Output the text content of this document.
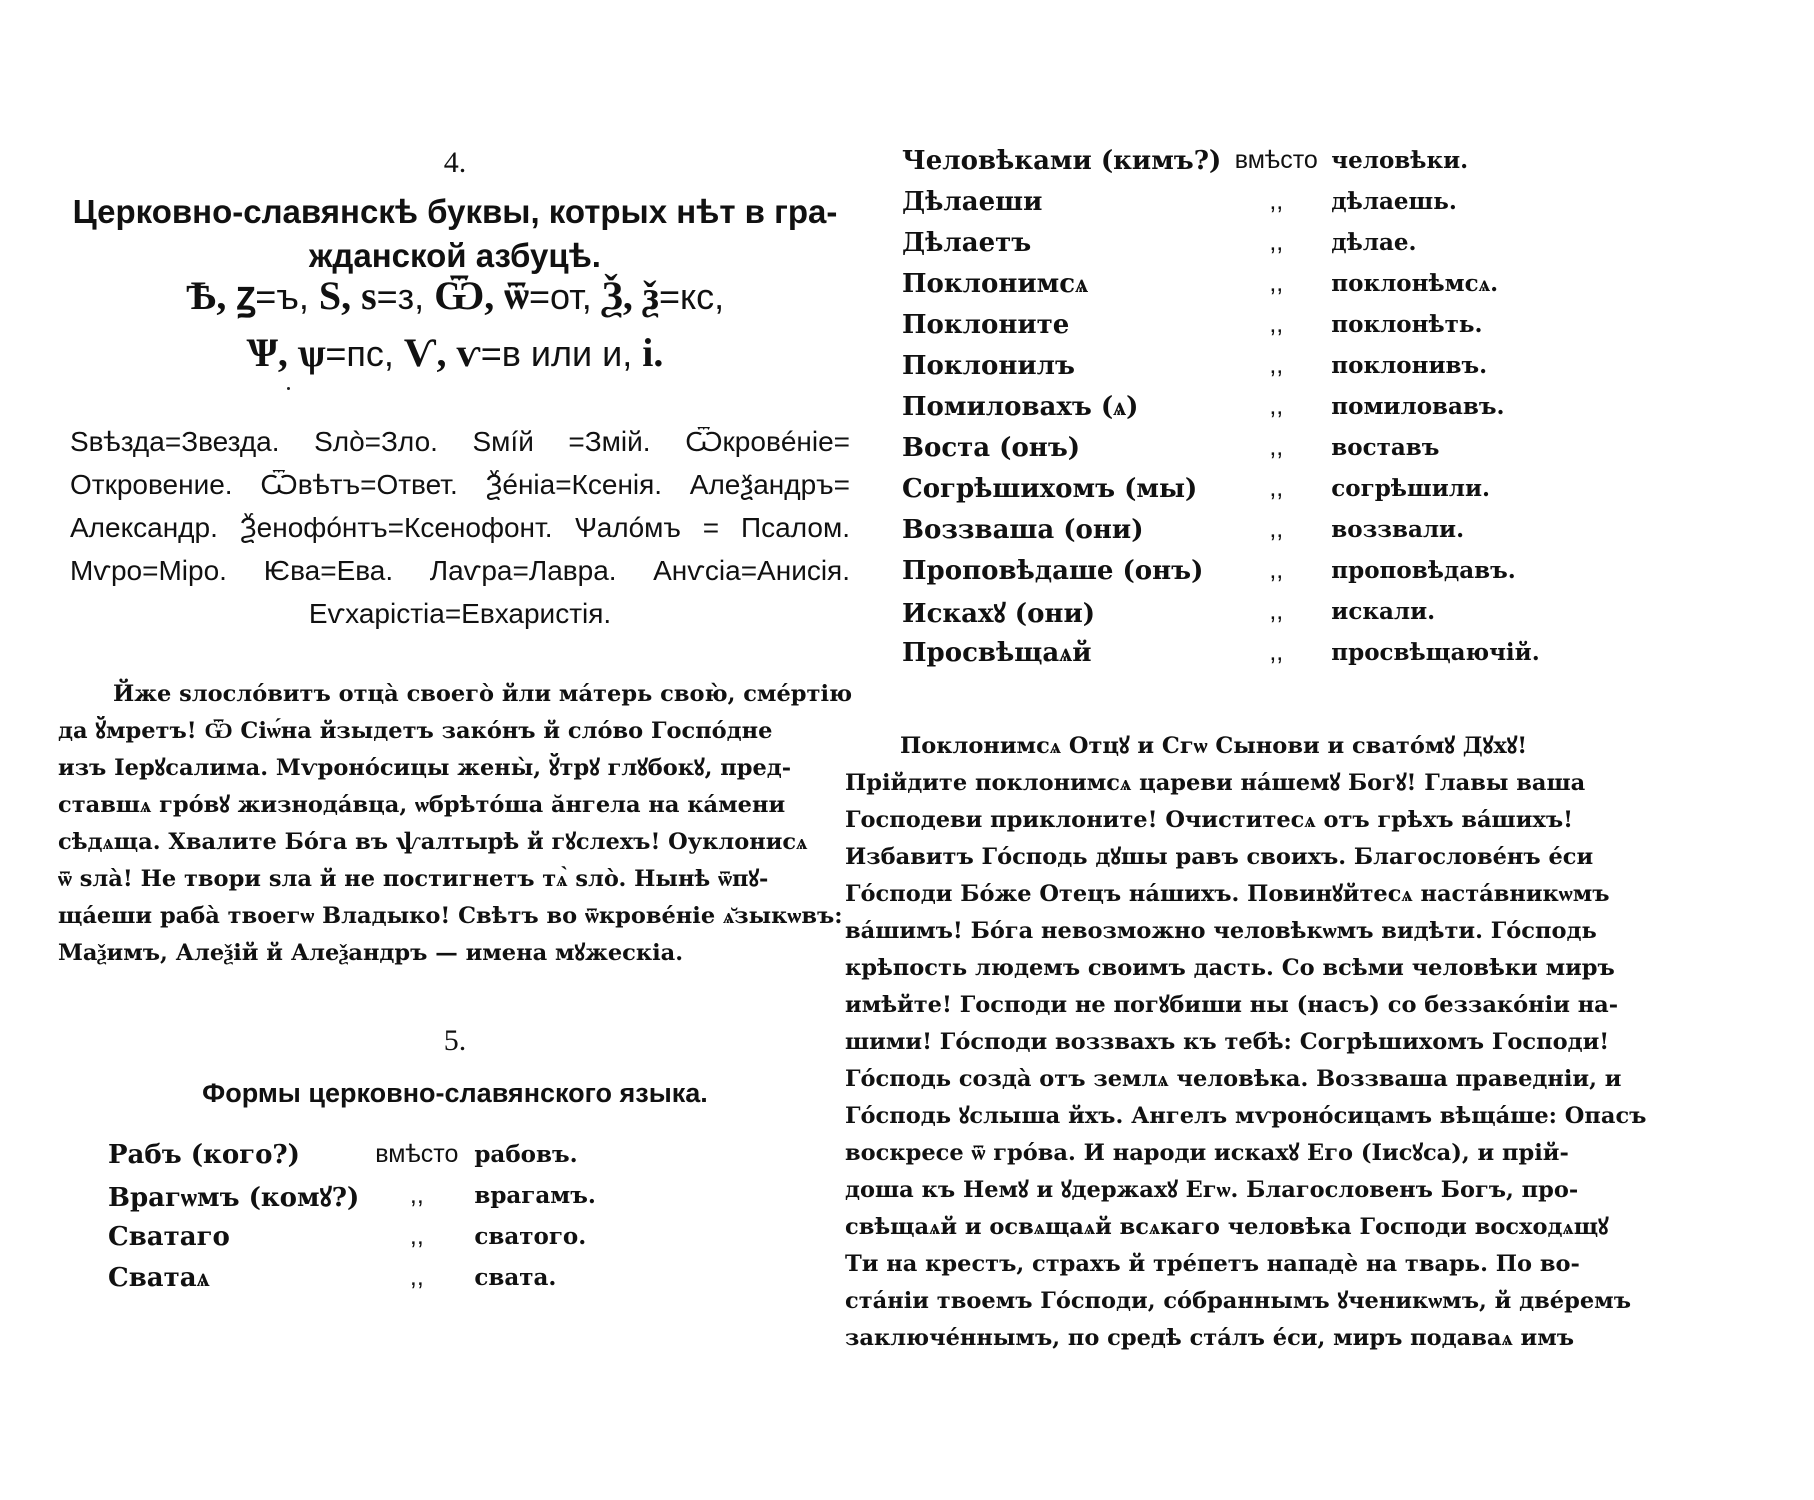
4.
Церковно-славянскѣ буквы, котрых нѣт в гра-
жданской азбуцѣ.
Ѣ, ꙁ=ъ, Ѕ, ѕ=з, Ѿ, ѿ=от, Ѯ, ѯ=кс,
Ѱ, ѱ=пс, Ѵ, ѵ=в или и, і.
Ѕвѣзда=Звезда. Ѕлò=Зло. Ѕмíй =Змій. Ѿкровéніе=
Откровение. Ѿвѣтъ=Ответ. Ѯéніа=Ксенія. Алеѯандръ=
Александр. Ѯенофóнтъ=Ксенофонт. Ѱалóмъ = Псалом.
Мѵро=Міро. Ѥва=Ева. Лаѵра=Лавра. Анѵсіа=Анисія.
Еѵхарістіа=Евхаристія.
Йже ѕлослóвитъ отцà своегò йли мáтерь свою̀, смéртію
да ꙋ̆мретъ! Ѿ Сіѡ́на йзыдетъ закóнъ й слóво Гоcпóдне
изъ Іерꙋсалима. Мѵронóсицы жены̀, ꙋ̆трꙋ глꙋбокꙋ, пред-
ставшѧ грóвꙋ жизнодáвца, ѡбрѣтóша ӑнгела на кáмени
сѣдѧща. Хвалите Бóга въ ѱалтырѣ й гꙋслехъ! Оуклонисѧ
ѿ ѕлà! Не твори ѕла й не постигнетъ тѧ̀ ѕлò. Нынѣ ѿпꙋ-
щáеши рабà твоегѡ Владыко! Свѣтъ во ѿкровéніе ѧ̆зыкѡвъ:
Маѯимъ, Алеѯій й Алеѯандръ — имена мꙋжескіа.
5.
Формы церковно-славянского языка.
Рабъ (кого?)	вмѣсто	рабовъ.
Врагѡмъ (комꙋ?)	,,	врагамъ.
Сватаго	,,	сватого.
Сватаѧ	,,	свата.
Человѣками (кимъ?)	вмѣсто	человѣки.
Дѣлаеши	,,	дѣлаешь.
Дѣлаетъ	,,	дѣлае.
Поклонимсѧ	,,	поклонѣмсѧ.
Поклоните	,,	поклонѣть.
Поклонилъ	,,	поклонивъ.
Помиловахъ (ѧ)	,,	помиловавъ.
Воста (онъ)	,,	воставъ
Согрѣшихомъ (мы)	,,	согрѣшили.
Воззваша (они)	,,	воззвали.
Проповѣдаше (онъ)	,,	проповѣдавъ.
Искахꙋ (они)	,,	искали.
Просвѣщаѧй	,,	просвѣщаючій.
Поклонимсѧ Отцꙋ и Сгѡ Сынови и сватóмꙋ Дꙋхꙋ!
Прійдите поклонимсѧ цареви нáшемꙋ Богꙋ! Главы ваша
Господеви приклоните! Очиститесѧ отъ грѣхъ вáшихъ!
Избавитъ Гóсподь дꙋшы равъ своихъ. Благословéнъ éси
Гóсподи Бóже Отецъ нáшихъ. Повинꙋйтесѧ настáвникѡмъ
вáшимъ! Бóга невозможно человѣкѡмъ видѣти. Гóсподь
крѣпость людемъ своимъ дасть. Со всѣми человѣки миръ
имѣйте! Господи не погꙋбиши ны (насъ) со беззакóніи на-
шими! Гóсподи воззвахъ къ тебѣ: Согрѣшихомъ Господи!
Гóсподь создà отъ землѧ человѣка. Воззваша праведніи, и
Гóсподь ꙋслыша йхъ. Ангелъ мѵронóсицамъ вѣщáше: Опасъ
воскресе ѿ грóва. И народи искахꙋ Его (Іисꙋса), и прій-
доша къ Немꙋ и ꙋдержахꙋ Егѡ. Благословенъ Богъ, про-
свѣщаѧй и освѧщаѧй всѧкаго человѣка Господи восходѧщꙋ
Ти на крестъ, страхъ й трéпетъ нападè на тварь. По во-
стáніи твоемъ Гóсподи, сóбраннымъ ꙋченикѡмъ, й двéремъ
заключéннымъ, по средѣ стáлъ éси, миръ подаваѧ имъ
